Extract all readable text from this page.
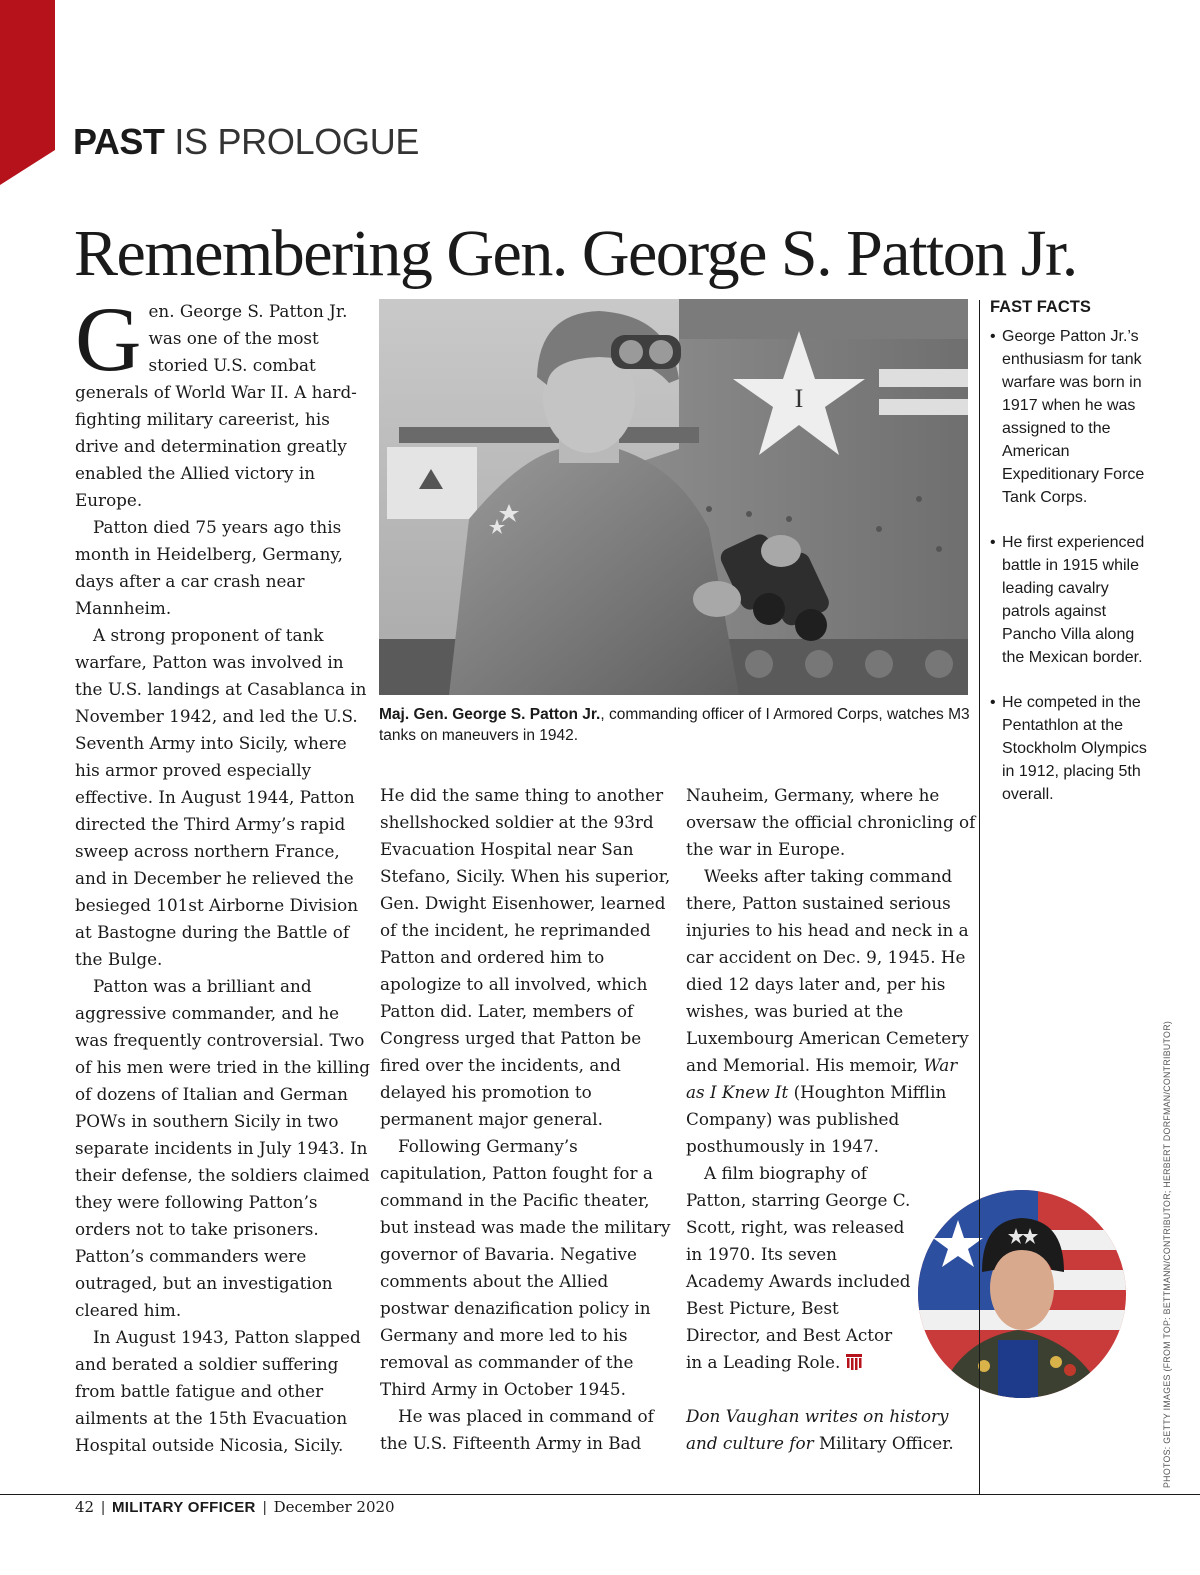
PAST IS PROLOGUE
Remembering Gen. George S. Patton Jr.

Gen. George S. Patton Jr. was one of the most storied U.S. combat generals of World War II. A hard-fighting military careerist, his drive and determination greatly enabled the Allied victory in Europe.

Patton died 75 years ago this month in Heidelberg, Germany, days after a car crash near Mannheim.

A strong proponent of tank warfare, Patton was involved in the U.S. landings at Casablanca in November 1942, and led the U.S. Seventh Army into Sicily, where his armor proved especially effective. In August 1944, Patton directed the Third Army’s rapid sweep across northern France, and in December he relieved the besieged 101st Airborne Division at Bastogne during the Battle of the Bulge.

Patton was a brilliant and aggressive commander, and he was frequently controversial. Two of his men were tried in the killing of dozens of Italian and German POWs in southern Sicily in two separate incidents in July 1943. In their defense, the soldiers claimed they were following Patton’s orders not to take prisoners. Patton’s commanders were outraged, but an investigation cleared him.

In August 1943, Patton slapped and berated a soldier suffering from battle fatigue and other ailments at the 15th Evacuation Hospital outside Nicosia, Sicily.

I
Maj. Gen. George S. Patton Jr., commanding officer of I Armored Corps, watches M3 tanks on maneuvers in 1942.

He did the same thing to another shellshocked soldier at the 93rd Evacuation Hospital near San Stefano, Sicily. When his superior, Gen. Dwight Eisenhower, learned of the incident, he reprimanded Patton and ordered him to apologize to all involved, which Patton did. Later, members of Congress urged that Patton be fired over the incidents, and delayed his promotion to permanent major general.

Following Germany’s capitulation, Patton fought for a command in the Pacific theater, but instead was made the military governor of Bavaria. Negative comments about the Allied postwar denazification policy in Germany and more led to his removal as commander of the Third Army in October 1945.

He was placed in command of the U.S. Fifteenth Army in Bad

Nauheim, Germany, where he oversaw the official chronicling of the war in Europe.

Weeks after taking command there, Patton sustained serious injuries to his head and neck in a car accident on Dec. 9, 1945. He died 12 days later and, per his wishes, was buried at the Luxembourg American Cemetery and Memorial. His memoir, War as I Knew It (Houghton Mifflin Company) was published posthumously in 1947.

A film biography of Patton, starring George C. Scott, right, was released in 1970. Its seven Academy Awards included Best Picture, Best Director, and Best Actor in a Leading Role.

Don Vaughan writes on history and culture for Military Officer.

FAST FACTS
• George Patton Jr.’s enthusiasm for tank warfare was born in 1917 when he was assigned to the American Expeditionary Force Tank Corps.
• He first experienced battle in 1915 while leading cavalry patrols against Pancho Villa along the Mexican border.
• He competed in the Pentathlon at the Stockholm Olympics in 1912, placing 5th overall.
PHOTOS: GETTY IMAGES (FROM TOP: BETTMANN/CONTRIBUTOR; HERBERT DORFMAN/CONTRIBUTOR)
42 | MILITARY OFFICER | December 2020
